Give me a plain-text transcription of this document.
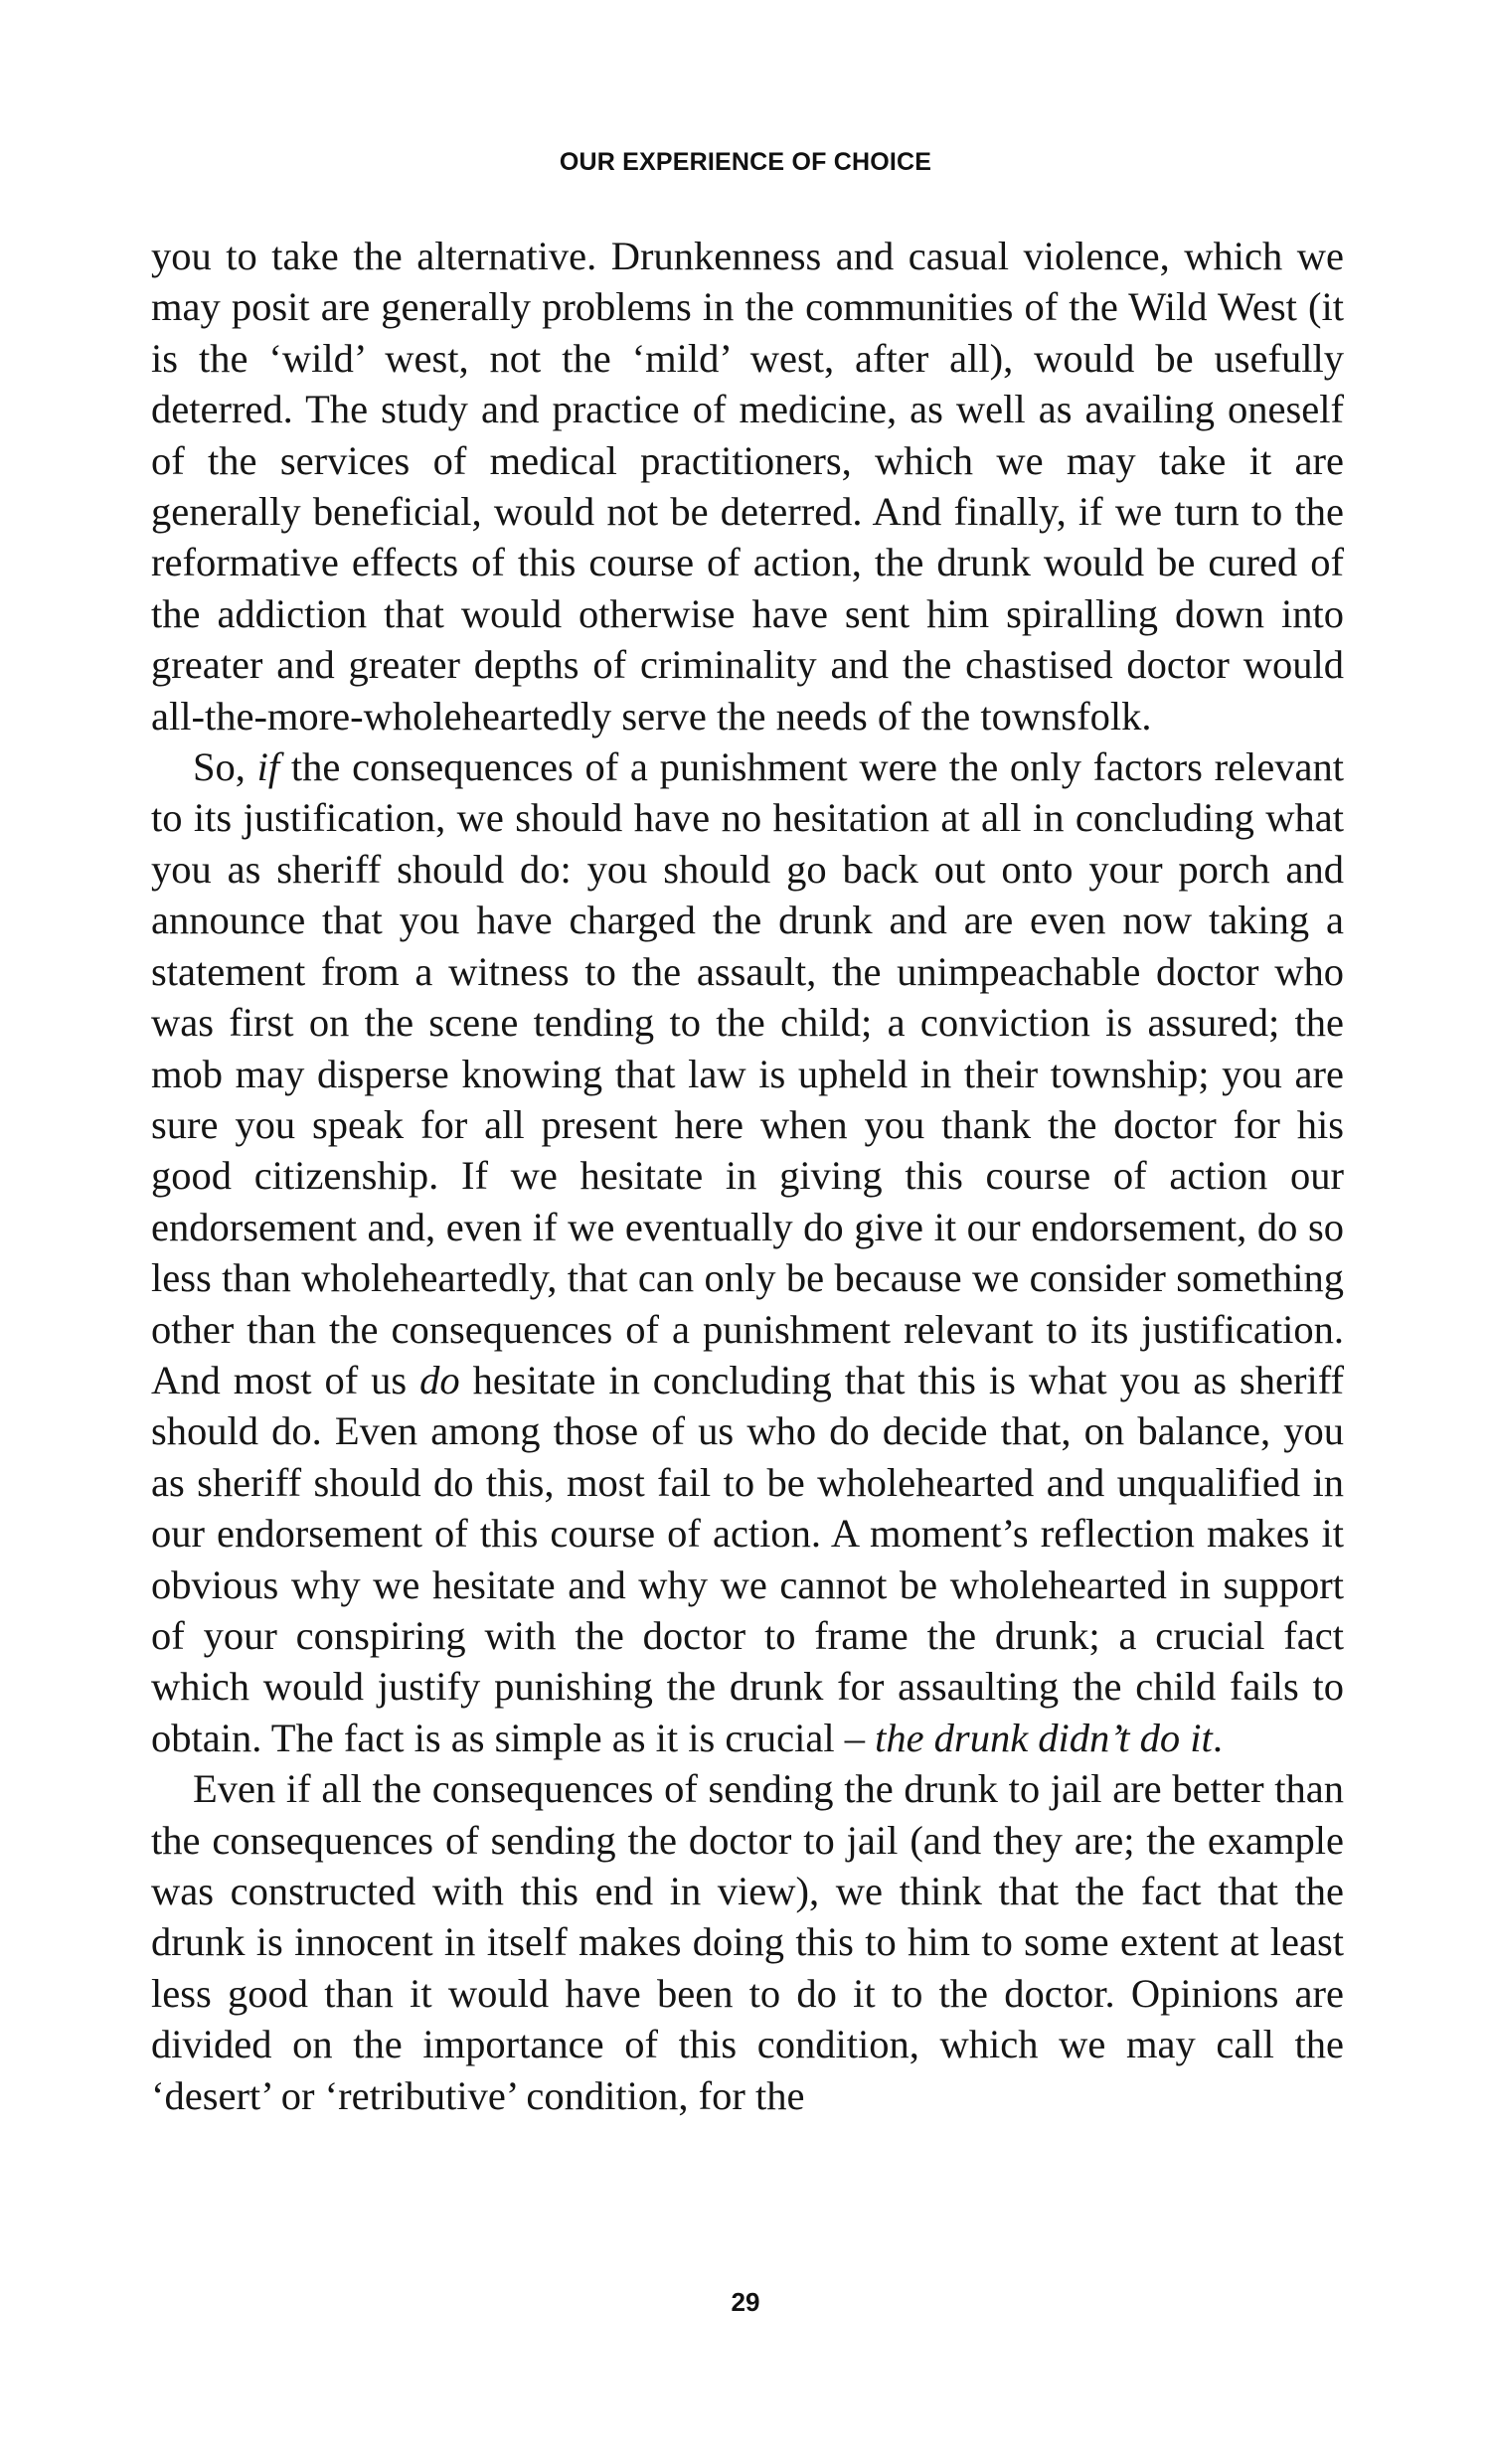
OUR EXPERIENCE OF CHOICE

you to take the alternative. Drunkenness and casual violence, which we may posit are generally problems in the communities of the Wild West (it is the ‘wild’ west, not the ‘mild’ west, after all), would be usefully deterred. The study and practice of medicine, as well as availing oneself of the services of medical practitioners, which we may take it are generally beneficial, would not be deterred. And finally, if we turn to the reformative effects of this course of action, the drunk would be cured of the addiction that would otherwise have sent him spiralling down into greater and greater depths of criminality and the chastised doctor would all-the-more-wholeheartedly serve the needs of the townsfolk.

So, if the consequences of a punishment were the only factors relevant to its justification, we should have no hesitation at all in concluding what you as sheriff should do: you should go back out onto your porch and announce that you have charged the drunk and are even now taking a statement from a witness to the assault, the unimpeachable doctor who was first on the scene tending to the child; a conviction is assured; the mob may disperse knowing that law is upheld in their township; you are sure you speak for all present here when you thank the doctor for his good citizenship. If we hesitate in giving this course of action our endorsement and, even if we eventually do give it our endorsement, do so less than wholeheartedly, that can only be because we consider something other than the consequences of a punishment relevant to its justification. And most of us do hesitate in concluding that this is what you as sheriff should do. Even among those of us who do decide that, on balance, you as sheriff should do this, most fail to be wholehearted and unqualified in our endorsement of this course of action. A moment’s reflection makes it obvious why we hesitate and why we cannot be wholehearted in support of your conspiring with the doctor to frame the drunk; a crucial fact which would justify punishing the drunk for assaulting the child fails to obtain. The fact is as simple as it is crucial – the drunk didn’t do it.

Even if all the consequences of sending the drunk to jail are better than the consequences of sending the doctor to jail (and they are; the example was constructed with this end in view), we think that the fact that the drunk is innocent in itself makes doing this to him to some extent at least less good than it would have been to do it to the doctor. Opinions are divided on the importance of this condition, which we may call the ‘desert’ or ‘retributive’ condition, for the

29
